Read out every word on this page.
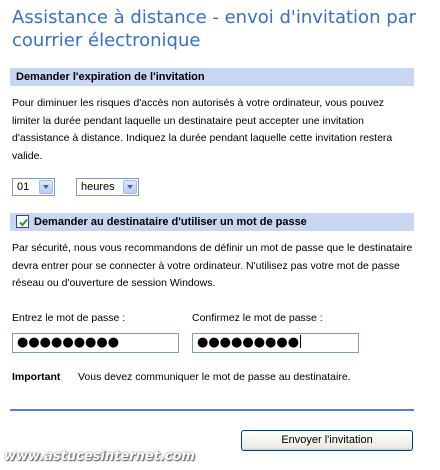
Assistance à distance - envoi d'invitation par courrier électronique
Demander l'expiration de l'invitation
Pour diminuer les risques d'accès non autorisés à votre ordinateur, vous pouvez limiter la durée pendant laquelle un destinataire peut accepter une invitation d'assistance à distance. Indiquez la durée pendant laquelle cette invitation restera valide.
01	heures
Demander au destinataire d'utiliser un mot de passe
Par sécurité, nous vous recommandons de définir un mot de passe que le destinataire devra entrer pour se connecter à votre ordinateur. N'utilisez pas votre mot de passe réseau ou d'ouverture de session Windows.
Entrez le mot de passe :
●●●●●●●●●
Confirmez le mot de passe :
●●●●●●●●●
Important Vous devez communiquer le mot de passe au destinataire.
Envoyer l'invitation
www.astucesinternet.com
